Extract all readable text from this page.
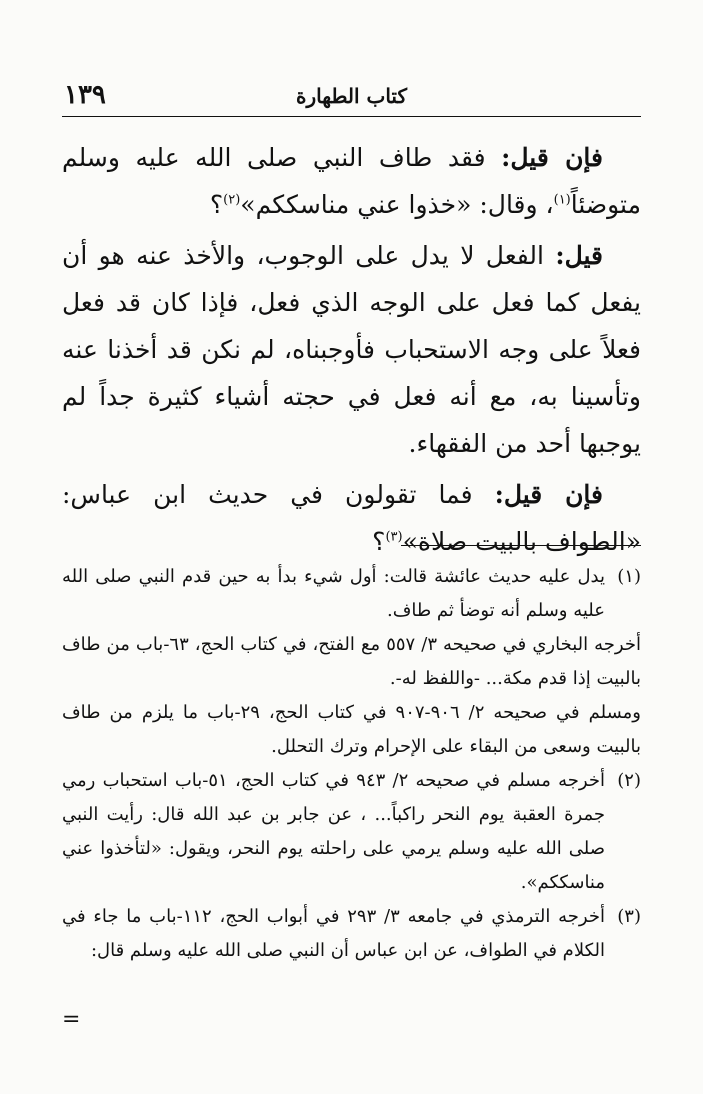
كتاب الطهارة
١٣٩

فإن قيل: فقد طاف النبي صلى الله عليه وسلم متوضئاً$^{(١)}$، وقال: «خذوا عني مناسككم»$^{(٢)}$؟

قيل: الفعل لا يدل على الوجوب، والأخذ عنه هو أن يفعل كما فعل على الوجه الذي فعل، فإذا كان قد فعل فعلاً على وجه الاستحباب فأوجبناه، لم نكن قد أخذنا عنه وتأسينا به، مع أنه فعل في حجته أشياء كثيرة جداً لم يوجبها أحد من الفقهاء.

فإن قيل: فما تقولون في حديث ابن عباس: «الطواف بالبيت صلاة»$^{(٣)}$؟

(١)
يدل عليه حديث عائشة قالت: أول شيء بدأ به حين قدم النبي صلى الله عليه وسلم أنه توضأ ثم طاف.
أخرجه البخاري في صحيحه ٣/ ٥٥٧ مع الفتح، في كتاب الحج، ٦٣-باب من طاف بالبيت إذا قدم مكة... -واللفظ له-.
ومسلم في صحيحه ٢/ ٩٠٦-٩٠٧ في كتاب الحج، ٢٩-باب ما يلزم من طاف بالبيت وسعى من البقاء على الإحرام وترك التحلل.
(٢)
أخرجه مسلم في صحيحه ٢/ ٩٤٣ في كتاب الحج، ٥١-باب استحباب رمي جمرة العقبة يوم النحر راكباً... ، عن جابر بن عبد الله قال: رأيت النبي صلى الله عليه وسلم يرمي على راحلته يوم النحر، ويقول: «لتأخذوا عني مناسككم».
(٣)
أخرجه الترمذي في جامعه ٣/ ٢٩٣ في أبواب الحج، ١١٢-باب ما جاء في الكلام في الطواف، عن ابن عباس أن النبي صلى الله عليه وسلم قال:
=
